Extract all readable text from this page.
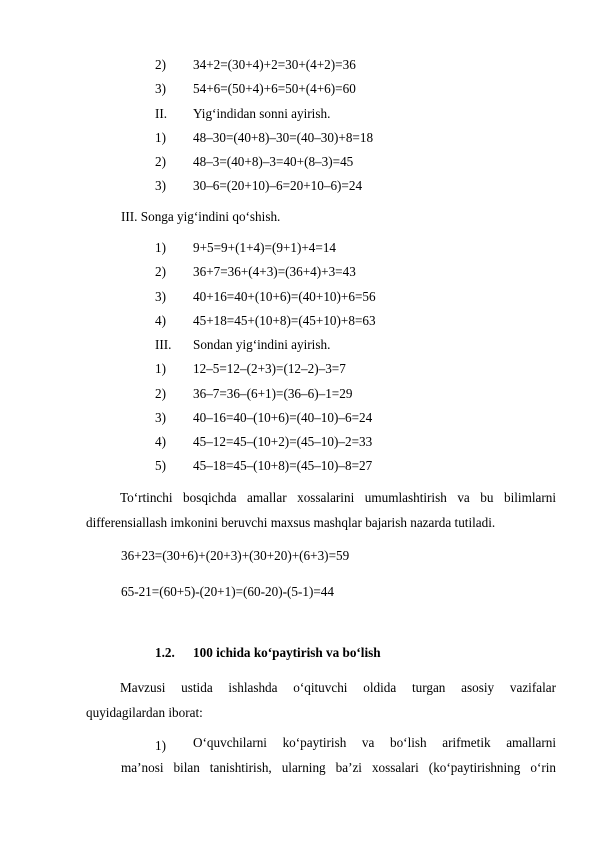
2) 34+2=(30+4)+2=30+(4+2)=36
3) 54+6=(50+4)+6=50+(4+6)=60
II. Yig‘indidan sonni ayirish.
1) 48–30=(40+8)–30=(40–30)+8=18
2) 48–3=(40+8)–3=40+(8–3)=45
3) 30–6=(20+10)–6=20+10–6)=24
III. Songa yig‘indini qo‘shish.
1) 9+5=9+(1+4)=(9+1)+4=14
2) 36+7=36+(4+3)=(36+4)+3=43
3) 40+16=40+(10+6)=(40+10)+6=56
4) 45+18=45+(10+8)=(45+10)+8=63
III. Sondan yig‘indini ayirish.
1) 12–5=12–(2+3)=(12–2)–3=7
2) 36–7=36–(6+1)=(36–6)–1=29
3) 40–16=40–(10+6)=(40–10)–6=24
4) 45–12=45–(10+2)=(45–10)–2=33
5) 45–18=45–(10+8)=(45–10)–8=27
To‘rtinchi bosqichda amallar xossalarini umumlashtirish va bu bilimlarni
differensiallash imkonini beruvchi maxsus mashqlar bajarish nazarda tutiladi.
36+23=(30+6)+(20+3)+(30+20)+(6+3)=59
65-21=(60+5)-(20+1)=(60-20)-(5-1)=44
1.2. 100 ichida ko‘paytirish va bo‘lish
Mavzusi ustida ishlashda o‘qituvchi oldida turgan asosiy vazifalar
quyidagilardan iborat:
1) O‘quvchilarni ko‘paytirish va bo‘lish arifmetik amallarni
ma’nosi bilan tanishtirish, ularning ba’zi xossalari (ko‘paytirishning o‘rin
